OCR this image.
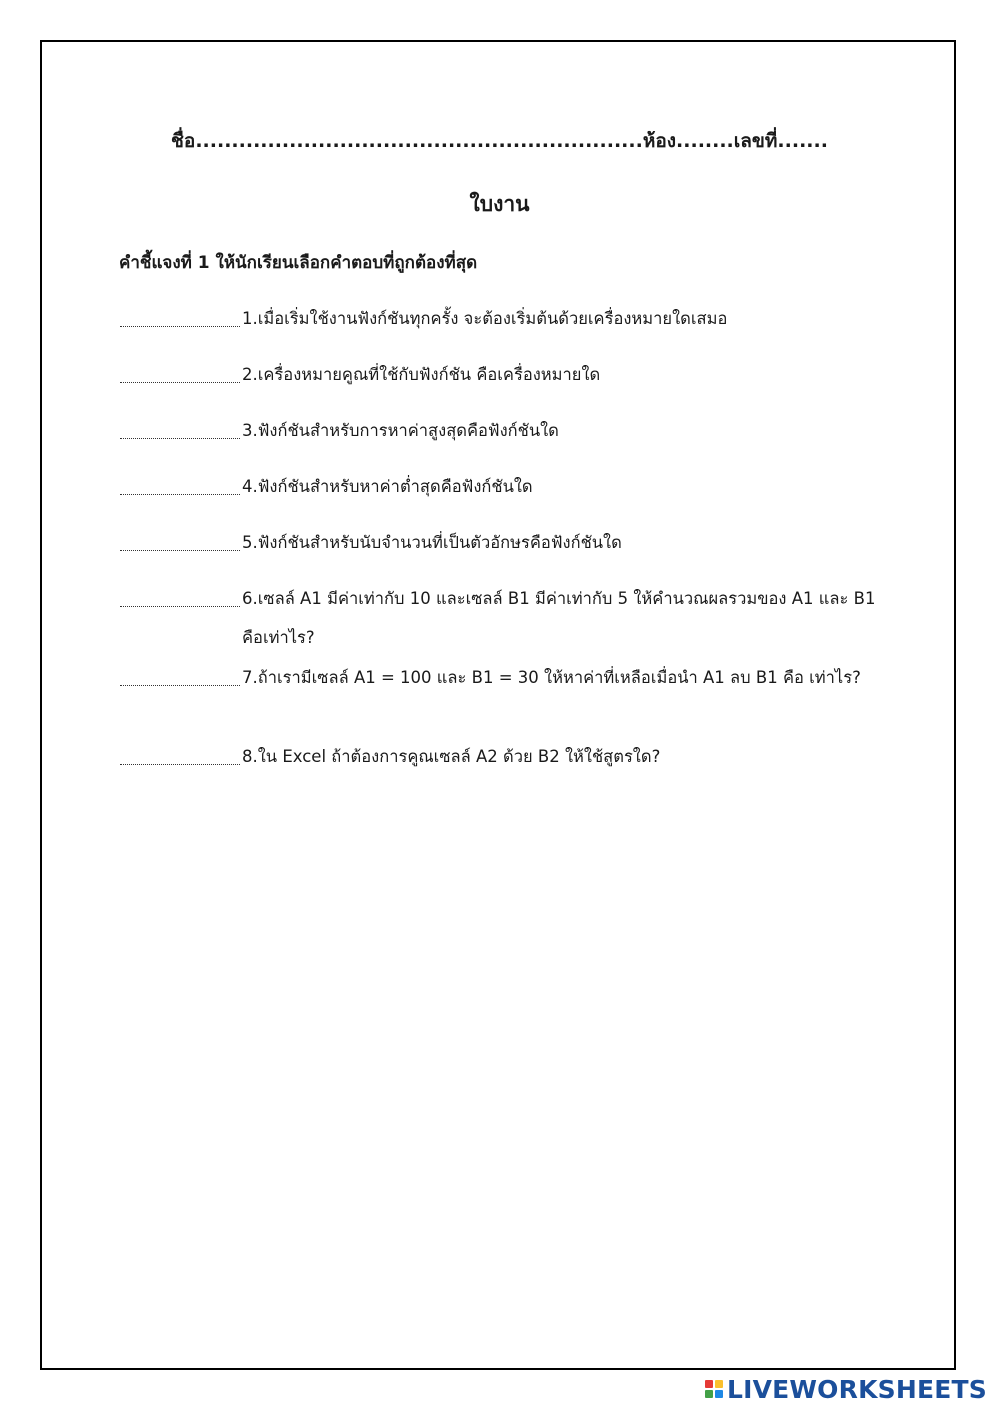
ชื่อ..............................................................ห้อง........เลขที่.......
ใบงาน
คำชี้แจงที่ 1 ให้นักเรียนเลือกคำตอบที่ถูกต้องที่สุด
1.เมื่อเริ่มใช้งานฟังก์ชันทุกครั้ง จะต้องเริ่มต้นด้วยเครื่องหมายใดเสมอ
2.เครื่องหมายคูณที่ใช้กับฟังก์ชัน คือเครื่องหมายใด
3.ฟังก์ชันสำหรับการหาค่าสูงสุดคือฟังก์ชันใด
4.ฟังก์ชันสำหรับหาค่าต่ำสุดคือฟังก์ชันใด
5.ฟังก์ชันสำหรับนับจำนวนที่เป็นตัวอักษรคือฟังก์ชันใด
6.เซลล์ A1 มีค่าเท่ากับ 10 และเซลล์ B1 มีค่าเท่ากับ 5 ให้คำนวณผลรวมของ A1 และ B1 คือเท่าไร?
7.ถ้าเรามีเซลล์ A1 = 100 และ B1 = 30 ให้หาค่าที่เหลือเมื่อนำ A1 ลบ B1 คือ เท่าไร?
8.ใน Excel ถ้าต้องการคูณเซลล์ A2 ด้วย B2 ให้ใช้สูตรใด?
LIVEWORKSHEETS
